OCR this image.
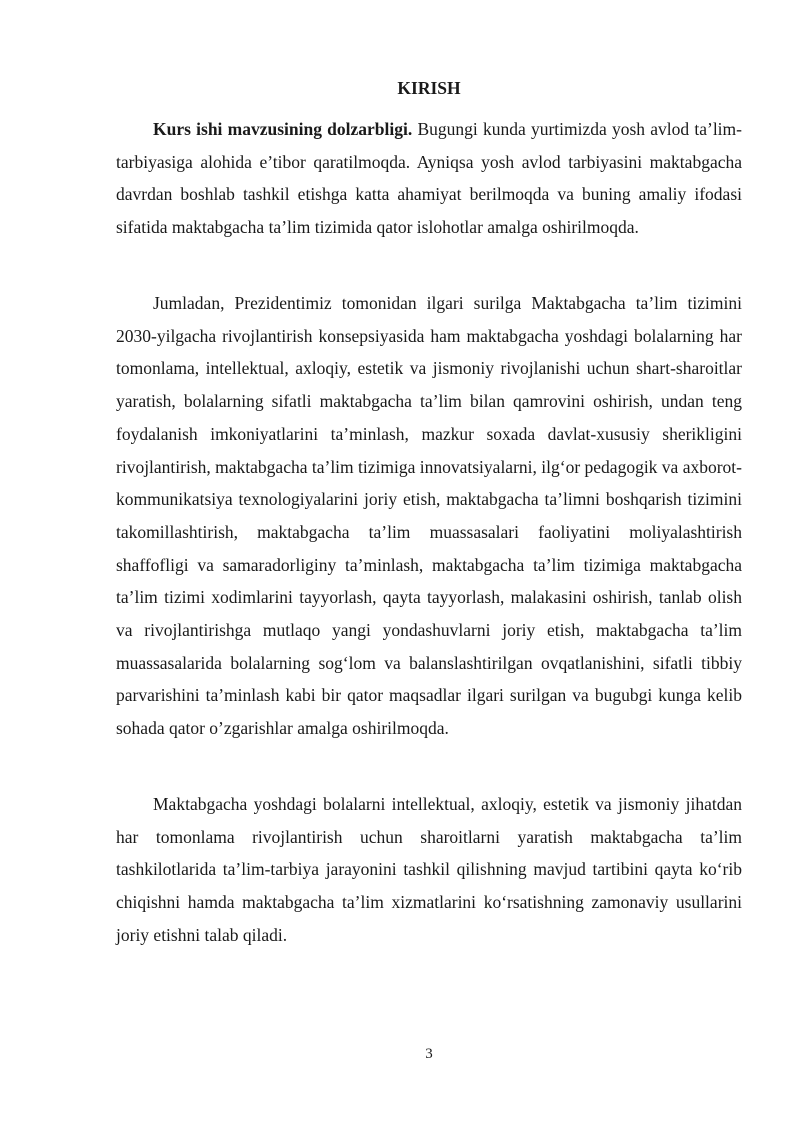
KIRISH

Kurs ishi mavzusining dolzarbligi. Bugungi kunda yurtimizda yosh avlod ta’lim-tarbiyasiga alohida e’tibor qaratilmoqda. Ayniqsa yosh avlod tarbiyasini maktabgacha davrdan boshlab tashkil etishga katta ahamiyat berilmoqda va buning amaliy ifodasi sifatida maktabgacha ta’lim tizimida qator islohotlar amalga oshirilmoqda.

Jumladan, Prezidentimiz tomonidan ilgari surilga Maktabgacha ta’lim tizimini 2030-yilgacha rivojlantirish konsepsiyasida ham maktabgacha yoshdagi bolalarning har tomonlama, intellektual, axloqiy, estetik va jismoniy rivojlanishi uchun shart-sharoitlar yaratish, bolalarning sifatli maktabgacha ta’lim bilan qamrovini oshirish, undan teng foydalanish imkoniyatlarini ta’minlash, mazkur soxada davlat-xususiy sherikligini rivojlantirish, maktabgacha ta’lim tizimiga innovatsiyalarni, ilg‘or pedagogik va axborot-kommunikatsiya texnologiyalarini joriy etish, maktabgacha ta’limni boshqarish tizimini takomillashtirish, maktabgacha ta’lim muassasalari faoliyatini moliyalashtirish shaffofligi va samaradorliginy ta’minlash, maktabgacha ta’lim tizimiga maktabgacha ta’lim tizimi xodimlarini tayyorlash, qayta tayyorlash, malakasini oshirish, tanlab olish va rivojlantirishga mutlaqo yangi yondashuvlarni joriy etish, maktabgacha ta’lim muassasalarida bolalarning sog‘lom va balanslashtirilgan ovqatlanishini, sifatli tibbiy parvarishini ta’minlash kabi bir qator maqsadlar ilgari surilgan va bugubgi kunga kelib sohada qator o’zgarishlar amalga oshirilmoqda.

Maktabgacha yoshdagi bolalarni intellektual, axloqiy, estetik va jismoniy jihatdan har tomonlama rivojlantirish uchun sharoitlarni yaratish maktabgacha ta’lim tashkilotlarida ta’lim-tarbiya jarayonini tashkil qilishning mavjud tartibini qayta ko‘rib chiqishni hamda maktabgacha ta’lim xizmatlarini ko‘rsatishning zamonaviy usullarini joriy etishni talab qiladi.

3
